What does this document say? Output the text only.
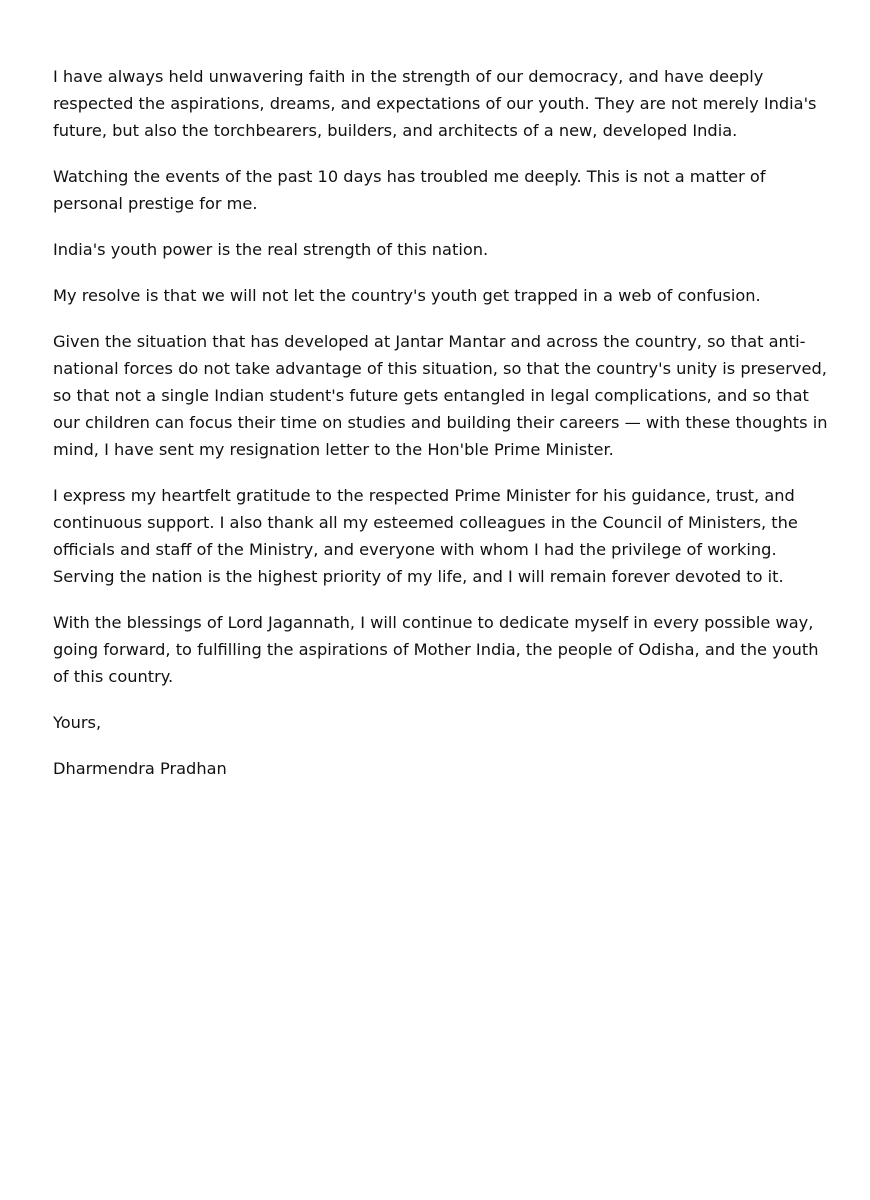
I have always held unwavering faith in the strength of our democracy, and have deeply respected the aspirations, dreams, and expectations of our youth. They are not merely India's future, but also the torchbearers, builders, and architects of a new, developed India.

Watching the events of the past 10 days has troubled me deeply. This is not a matter of personal prestige for me.

India's youth power is the real strength of this nation.

My resolve is that we will not let the country's youth get trapped in a web of confusion.

Given the situation that has developed at Jantar Mantar and across the country, so that anti-national forces do not take advantage of this situation, so that the country's unity is preserved, so that not a single Indian student's future gets entangled in legal complications, and so that our children can focus their time on studies and building their careers — with these thoughts in mind, I have sent my resignation letter to the Hon'ble Prime Minister.

I express my heartfelt gratitude to the respected Prime Minister for his guidance, trust, and continuous support. I also thank all my esteemed colleagues in the Council of Ministers, the officials and staff of the Ministry, and everyone with whom I had the privilege of working. Serving the nation is the highest priority of my life, and I will remain forever devoted to it.

With the blessings of Lord Jagannath, I will continue to dedicate myself in every possible way, going forward, to fulfilling the aspirations of Mother India, the people of Odisha, and the youth of this country.

Yours,

Dharmendra Pradhan
